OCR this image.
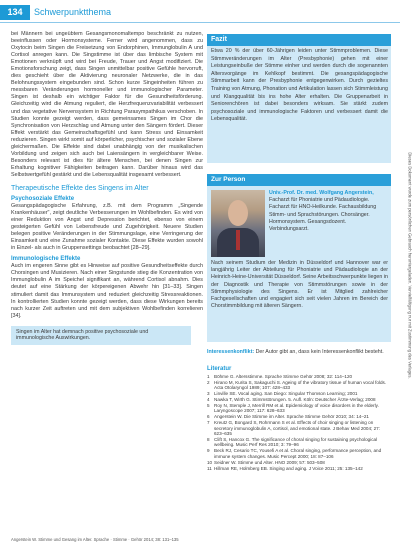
134	Schwerpunktthema
Dieses Dokument wurde zum persönlichen Gebrauch heruntergeladen. Vervielfältigung nur mit Zustimmung des Verlages.

bei Männern bei ungeübtem Gesangsmonomaltempo beschränkt zu nutzen, beeinflussen oder Hormonsysteme. Ferner wird angenommen, dass zu Oxytocin beim Singen die Freisetzung von Endorphinen, Immunglobulin A und Cortisol anregen kann. Die Singstimme ist über das limbische System mit Emotionen verknüpft und wird bei Freude, Trauer und Angst modifiziert. Die Emotionsforschung zeigt, dass Singen unmittelbar positive Gefühle hervorruft, dies geschieht über die Aktivierung neuronaler Netzwerke, die in das Belohnungssystem eingebunden sind. Schon kurze Singeinheiten führen zu messbaren Veränderungen hormoneller und immunologischer Parameter. Singen ist deshalb ein wichtiger Faktor für die Gesundheitsförderung. Gleichzeitig wird die Atmung reguliert, die Herzfrequenzvariabilität verbessert und das vegetative Nervensystem in Richtung Parasympathikus verschoben. In Studien konnte gezeigt werden, dass gemeinsames Singen im Chor die Synchronisation von Herzschlag und Atmung unter den Sängern fördert. Dieser Effekt verstärkt das Gemeinschaftsgefühl und kann Stress und Einsamkeit reduzieren. Singen wirkt somit auf körperlicher, psychischer und sozialer Ebene gleichermaßen. Die Effekte sind dabei unabhängig von der musikalischen Vorbildung und zeigen sich auch bei Laiensängern in vergleichbarer Weise. Besonders relevant ist dies für ältere Menschen, bei denen Singen zur Erhaltung kognitiver Fähigkeiten beitragen kann. Darüber hinaus wird das Selbstwertgefühl gestärkt und die Lebensqualität insgesamt verbessert.

Therapeutische Effekte des Singens im Alter
Psychosoziale Effekte

Gesangspädagogische Erfahrung, z.B. mit dem Programm „Singende Krankenhäuser", zeigt deutliche Verbesserungen im Wohlbefinden. Es wird von einer Reduktion von Angst und Depression berichtet, ebenso von einem gesteigerten Gefühl von Lebensfreude und Zugehörigkeit. Neuere Studien belegen positive Veränderungen in der Stimmungslage, eine Verringerung der Einsamkeit und eine Zunahme sozialer Kontakte. Diese Effekte wurden sowohl in Einzel- als auch in Gruppensettings beobachtet [28–29].

Immunologische Effekte

Auch im engeren Sinne gibt es Hinweise auf positive Gesundheitseffekte durch Chorsingen und Musizieren. Nach einer Singstunde stieg die Konzentration von Immunglobulin A im Speichel signifikant an, während Cortisol abnahm. Dies deutet auf eine Stärkung der körpereigenen Abwehr hin [31–33]. Singen stimuliert damit das Immunsystem und reduziert gleichzeitig Stressreaktionen. In kontrollierten Studien konnte gezeigt werden, dass diese Wirkungen bereits nach kurzer Zeit auftreten und mit dem subjektiven Wohlbefinden korrelieren [34].

Singen im Alter hat demnach positive psychosoziale und immunologische Auswirkungen.
Fazit
Etwa 20 % der über 60-Jährigen leiden unter Stimmproblemen. Diese Stimmveränderungen im Alter (Presbyphonie) gehen mit einer Leistungseinbuße der Stimme einher und werden durch die sogenannten Altersvorgänge im Kehlkopf bestimmt. Die gesangspädagogische Stimmarbeit kann der Presbyphonie entgegenwirken. Durch gezieltes Training von Atmung, Phonation und Artikulation lassen sich Stimmleistung und Klangqualität bis ins hohe Alter erhalten. Die Gruppenarbeit in Seniorenchören ist dabei besonders wirksam. Sie stärkt zudem psychosoziale und immunologische Faktoren und verbessert damit die Lebensqualität.
Zur Person
Univ.-Prof. Dr. med. Wolfgang Angerstein, Facharzt für Phoniatrie und Pädaudiologie. Facharzt für HNO-Heilkunde. Fachausbildung Stimm- und Sprachstörungen. Chorsänger. Hormonsystem. Gesangsdozent. Verbindungsarzt.
Nach seinem Studium der Medizin in Düsseldorf und Hannover war er langjährig Leiter der Abteilung für Phoniatrie und Pädaudiologie an der Heinrich-Heine-Universität Düsseldorf. Seine Arbeitsschwerpunkte liegen in der Diagnostik und Therapie von Stimmstörungen sowie in der Stimmphysiologie des Singens. Er ist Mitglied zahlreicher Fachgesellschaften und engagiert sich seit vielen Jahren im Bereich der Chorstimmbildung mit älteren Sängern.
Interessenkonflikt: Der Autor gibt an, dass kein Interessenkonflikt besteht.
Literatur
1 Böhme G. Altersstimme. Sprache Stimme Gehör 2008; 32: 114–120
2 Hirano M, Kurita S, Sakaguchi S. Ageing of the vibratory tissue of human vocal folds. Acta Otolaryngol 1989; 107: 428–433
3 Linville SE. Vocal aging. San Diego: Singular Thomson Learning; 2001
4 Nawka T, Wirth G. Stimmstörungen. 5. Aufl. Köln: Deutscher Ärzte-Verlag; 2008
5 Roy N, Stemple J, Merrill RM et al. Epidemiology of voice disorders in the elderly. Laryngoscope 2007; 117: 628–633
6 Angerstein W. Die Stimme im Alter. Sprache Stimme Gehör 2010; 34: 14–21
7 Kreutz G, Bongard S, Rohrmann S et al. Effects of choir singing or listening on secretory immunoglobulin A, cortisol, and emotional state. J Behav Med 2004; 27: 623–635
8 Clift S, Hancox G. The significance of choral singing for sustaining psychological wellbeing. Music Perf Res 2010; 3: 79–96
9 Beck RJ, Cesario TC, Yousefi A et al. Choral singing, performance perception, and immune system changes. Music Percept 2000; 18: 87–106
10 Seidner W. Stimme und Alter. HNO 2009; 57: 503–508
11 Hillman RE, Holmberg EB. Singing and aging. J Voice 2011; 25: 135–142
Angerstein W. Stimme und Gesang im Alter. Sprache · Stimme · Gehör 2014; 38: 131–135
